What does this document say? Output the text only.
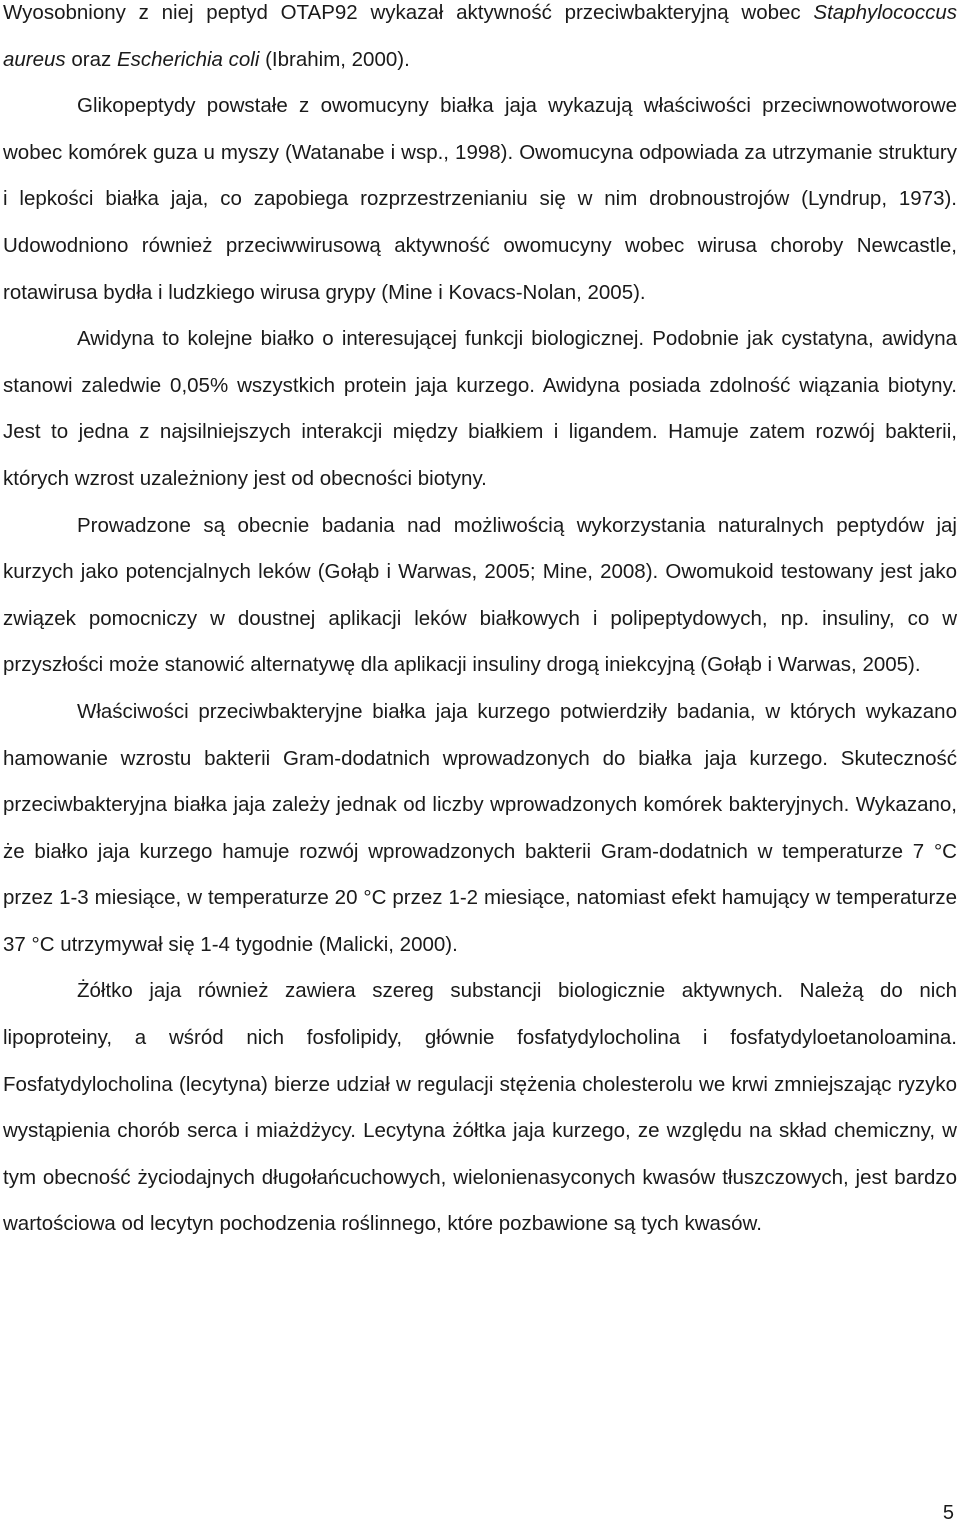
Wyosobniony z niej peptyd OTAP92 wykazał aktywność przeciwbakteryjną wobec Staphylococcus aureus oraz Escherichia coli (Ibrahim, 2000).

Glikopeptydy powstałe z owomucyny białka jaja wykazują właściwości przeciwnowotworowe wobec komórek guza u myszy (Watanabe i wsp., 1998). Owomucyna odpowiada za utrzymanie struktury i lepkości białka jaja, co zapobiega rozprzestrzenianiu się w nim drobnoustrojów (Lyndrup, 1973). Udowodniono również przeciwwirusową aktywność owomucyny wobec wirusa choroby Newcastle, rotawirusa bydła i ludzkiego wirusa grypy (Mine i Kovacs-Nolan, 2005).

Awidyna to kolejne białko o interesującej funkcji biologicznej. Podobnie jak cystatyna, awidyna stanowi zaledwie 0,05% wszystkich protein jaja kurzego. Awidyna posiada zdolność wiązania biotyny. Jest to jedna z najsilniejszych interakcji między białkiem i ligandem. Hamuje zatem rozwój bakterii, których wzrost uzależniony jest od obecności biotyny.

Prowadzone są obecnie badania nad możliwością wykorzystania naturalnych peptydów jaj kurzych jako potencjalnych leków (Gołąb i Warwas, 2005; Mine, 2008). Owomukoid testowany jest jako związek pomocniczy w doustnej aplikacji leków białkowych i polipeptydowych, np. insuliny, co w przyszłości może stanowić alternatywę dla aplikacji insuliny drogą iniekcyjną (Gołąb i Warwas, 2005).

Właściwości przeciwbakteryjne białka jaja kurzego potwierdziły badania, w których wykazano hamowanie wzrostu bakterii Gram-dodatnich wprowadzonych do białka jaja kurzego. Skuteczność przeciwbakteryjna białka jaja zależy jednak od liczby wprowadzonych komórek bakteryjnych. Wykazano, że białko jaja kurzego hamuje rozwój wprowadzonych bakterii Gram-dodatnich w temperaturze 7 °C przez 1-3 miesiące, w temperaturze 20 °C przez 1-2 miesiące, natomiast efekt hamujący w temperaturze 37 °C utrzymywał się 1-4 tygodnie (Malicki, 2000).

Żółtko jaja również zawiera szereg substancji biologicznie aktywnych. Należą do nich lipoproteiny, a wśród nich fosfolipidy, głównie fosfatydylocholina i fosfatydyloetanoloamina. Fosfatydylocholina (lecytyna) bierze udział w regulacji stężenia cholesterolu we krwi zmniejszając ryzyko wystąpienia chorób serca i miażdżycy. Lecytyna żółtka jaja kurzego, ze względu na skład chemiczny, w tym obecność życiodajnych długołańcuchowych, wielonienasyconych kwasów tłuszczowych, jest bardzo wartościowa od lecytyn pochodzenia roślinnego, które pozbawione są tych kwasów.

5
